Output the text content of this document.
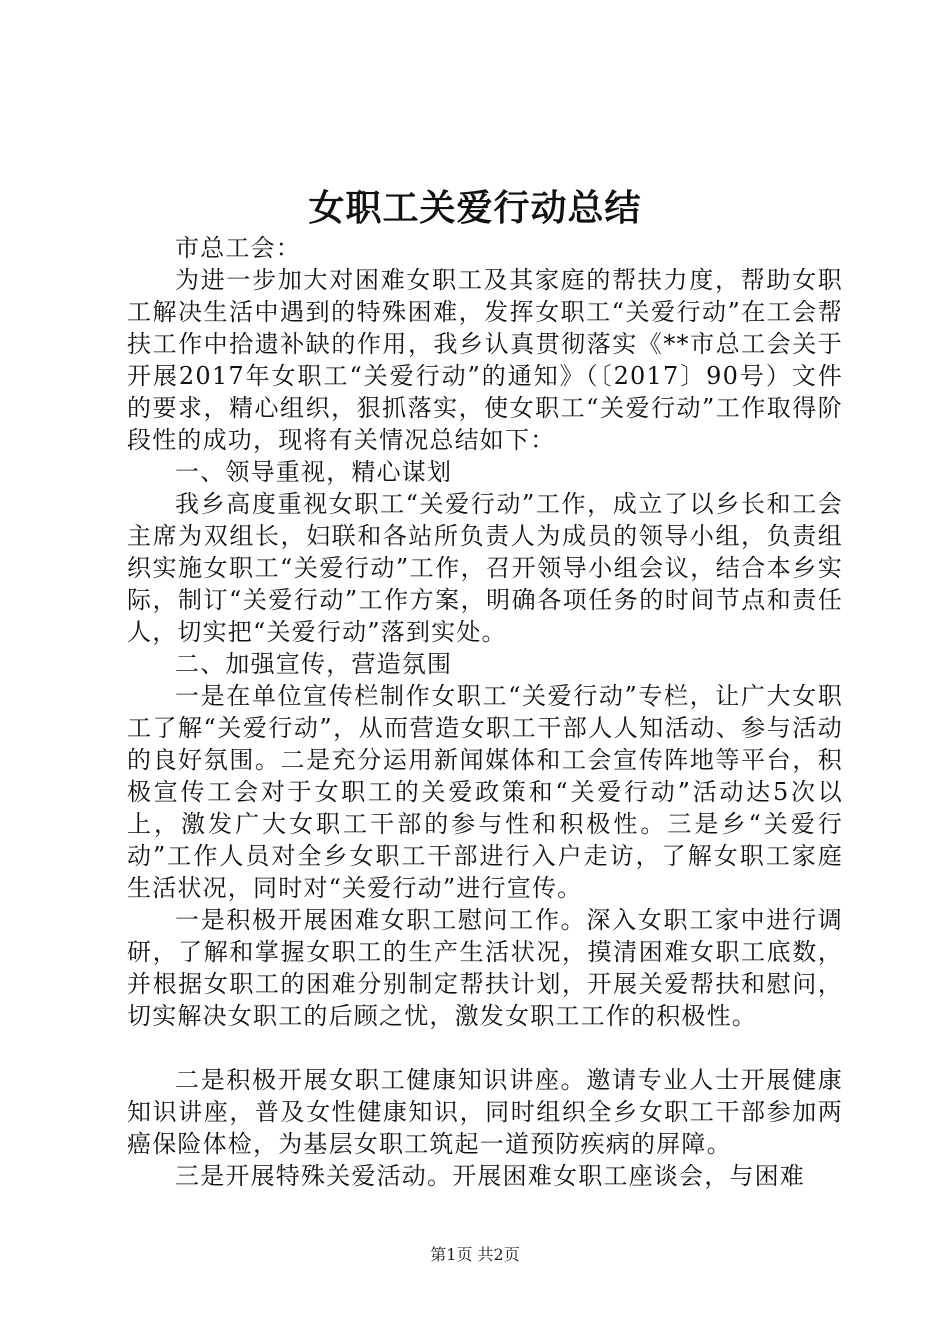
女职工关爱行动总结

市总工会：

为进一步加大对困难女职工及其家庭的帮扶力度，帮助女职工解决生活中遇到的特殊困难，发挥女职工“关爱行动”在工会帮扶工作中拾遗补缺的作用，我乡认真贯彻落实《**市总工会关于开展2017年女职工“关爱行动”的通知》（〔2017〕90号）文件的要求，精心组织，狠抓落实，使女职工“关爱行动”工作取得阶段性的成功，现将有关情况总结如下：

一、领导重视，精心谋划

我乡高度重视女职工“关爱行动”工作，成立了以乡长和工会主席为双组长，妇联和各站所负责人为成员的领导小组，负责组织实施女职工“关爱行动”工作，召开领导小组会议，结合本乡实际，制订“关爱行动”工作方案，明确各项任务的时间节点和责任人，切实把“关爱行动”落到实处。

二、加强宣传，营造氛围

一是在单位宣传栏制作女职工“关爱行动”专栏，让广大女职工了解“关爱行动”，从而营造女职工干部人人知活动、参与活动的良好氛围。二是充分运用新闻媒体和工会宣传阵地等平台，积极宣传工会对于女职工的关爱政策和“关爱行动”活动达5次以上，激发广大女职工干部的参与性和积极性。三是乡“关爱行动”工作人员对全乡女职工干部进行入户走访，了解女职工家庭生活状况，同时对“关爱行动”进行宣传。

一是积极开展困难女职工慰问工作。深入女职工家中进行调研，了解和掌握女职工的生产生活状况，摸清困难女职工底数，并根据女职工的困难分别制定帮扶计划，开展关爱帮扶和慰问，切实解决女职工的后顾之忧，激发女职工工作的积极性。

二是积极开展女职工健康知识讲座。邀请专业人士开展健康知识讲座，普及女性健康知识，同时组织全乡女职工干部参加两癌保险体检，为基层女职工筑起一道预防疾病的屏障。

三是开展特殊关爱活动。开展困难女职工座谈会，与困难

第1页 共2页
